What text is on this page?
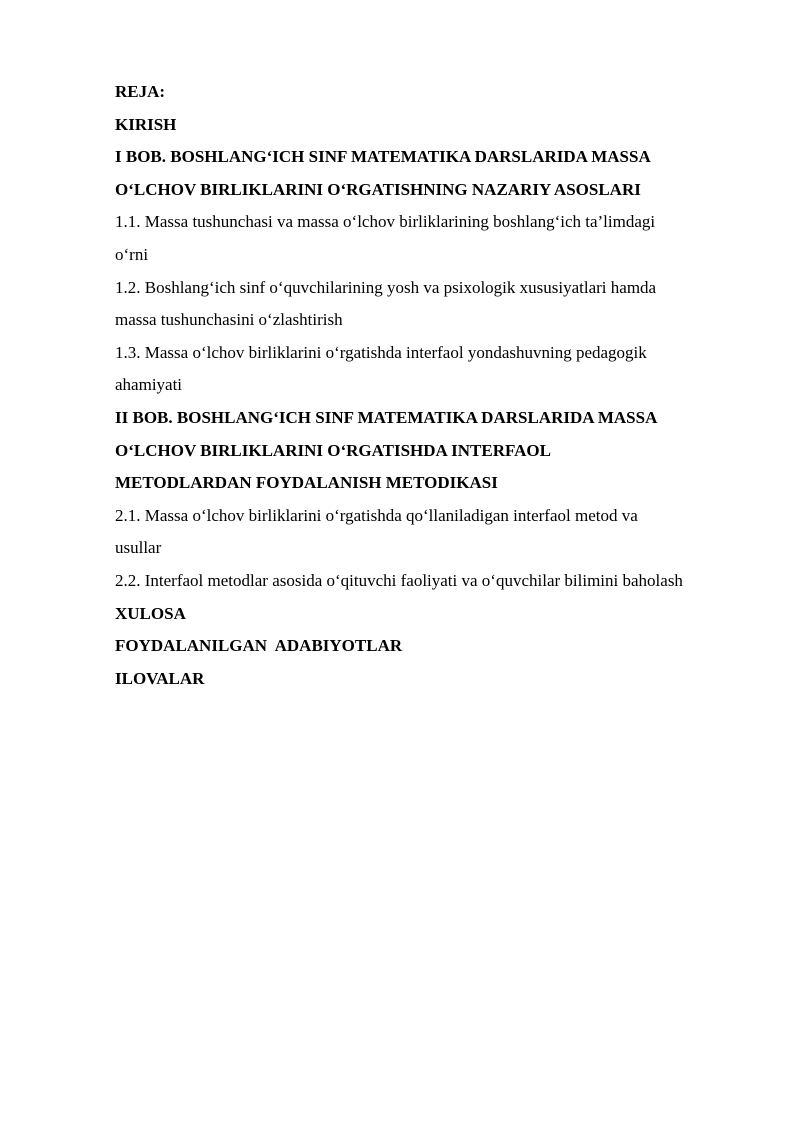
REJA:
KIRISH
I BOB. BOSHLANG‘ICH SINF MATEMATIKA DARSLARIDA MASSA
O‘LCHOV BIRLIKLARINI O‘RGATISHNING NAZARIY ASOSLARI
1.1. Massa tushunchasi va massa o‘lchov birliklarining boshlang‘ich ta’limdagi
o‘rni
1.2. Boshlang‘ich sinf o‘quvchilarining yosh va psixologik xususiyatlari hamda
massa tushunchasini o‘zlashtirish
1.3. Massa o‘lchov birliklarini o‘rgatishda interfaol yondashuvning pedagogik
ahamiyati
II BOB. BOSHLANG‘ICH SINF MATEMATIKA DARSLARIDA MASSA
O‘LCHOV BIRLIKLARINI O‘RGATISHDA INTERFAOL
METODLARDAN FOYDALANISH METODIKASI
2.1. Massa o‘lchov birliklarini o‘rgatishda qo‘llaniladigan interfaol metod va
usullar
2.2. Interfaol metodlar asosida o‘qituvchi faoliyati va o‘quvchilar bilimini baholash
XULOSA
FOYDALANILGAN  ADABIYOTLAR
ILOVALAR
